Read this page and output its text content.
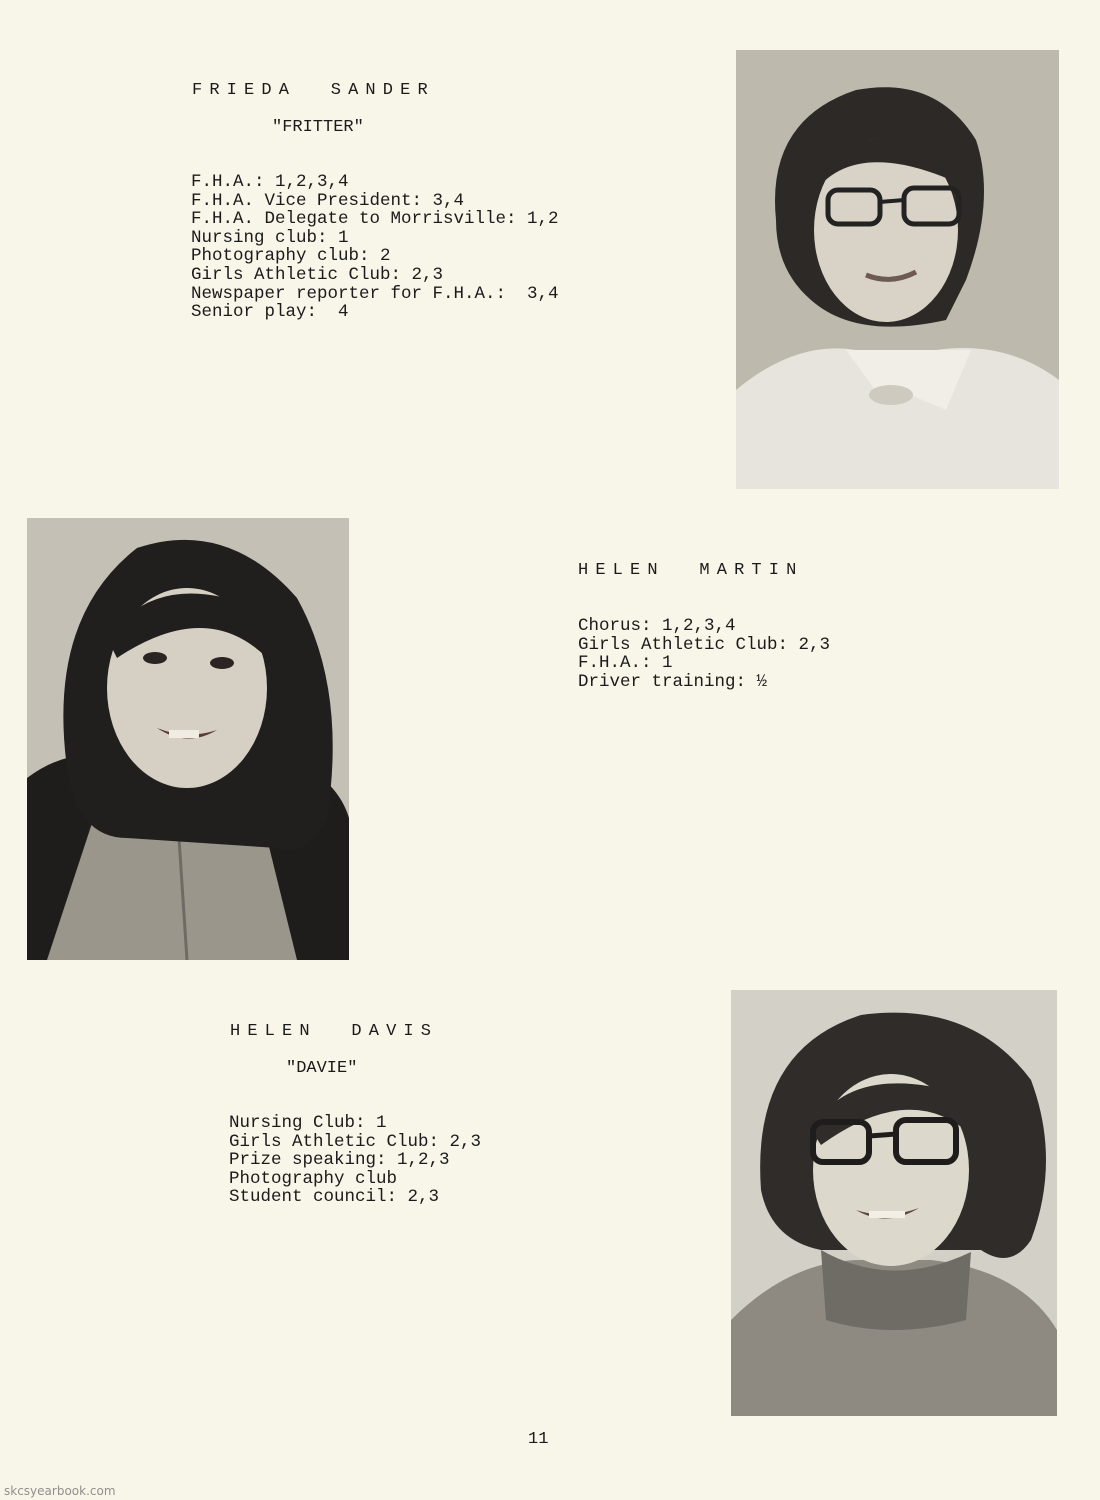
FRIEDA  SANDER

"FRITTER"

F.H.A.: 1,2,3,4
F.H.A. Vice President: 3,4
F.H.A. Delegate to Morrisville: 1,2
Nursing club: 1
Photography club: 2
Girls Athletic Club: 2,3
Newspaper reporter for F.H.A.:  3,4
Senior play:  4
HELEN  MARTIN
Chorus: 1,2,3,4
Girls Athletic Club: 2,3
F.H.A.: 1
Driver training: ½
HELEN  DAVIS

"DAVIE"

Nursing Club: 1
Girls Athletic Club: 2,3
Prize speaking: 1,2,3
Photography club
Student council: 2,3
11
skcsyearbook.com
